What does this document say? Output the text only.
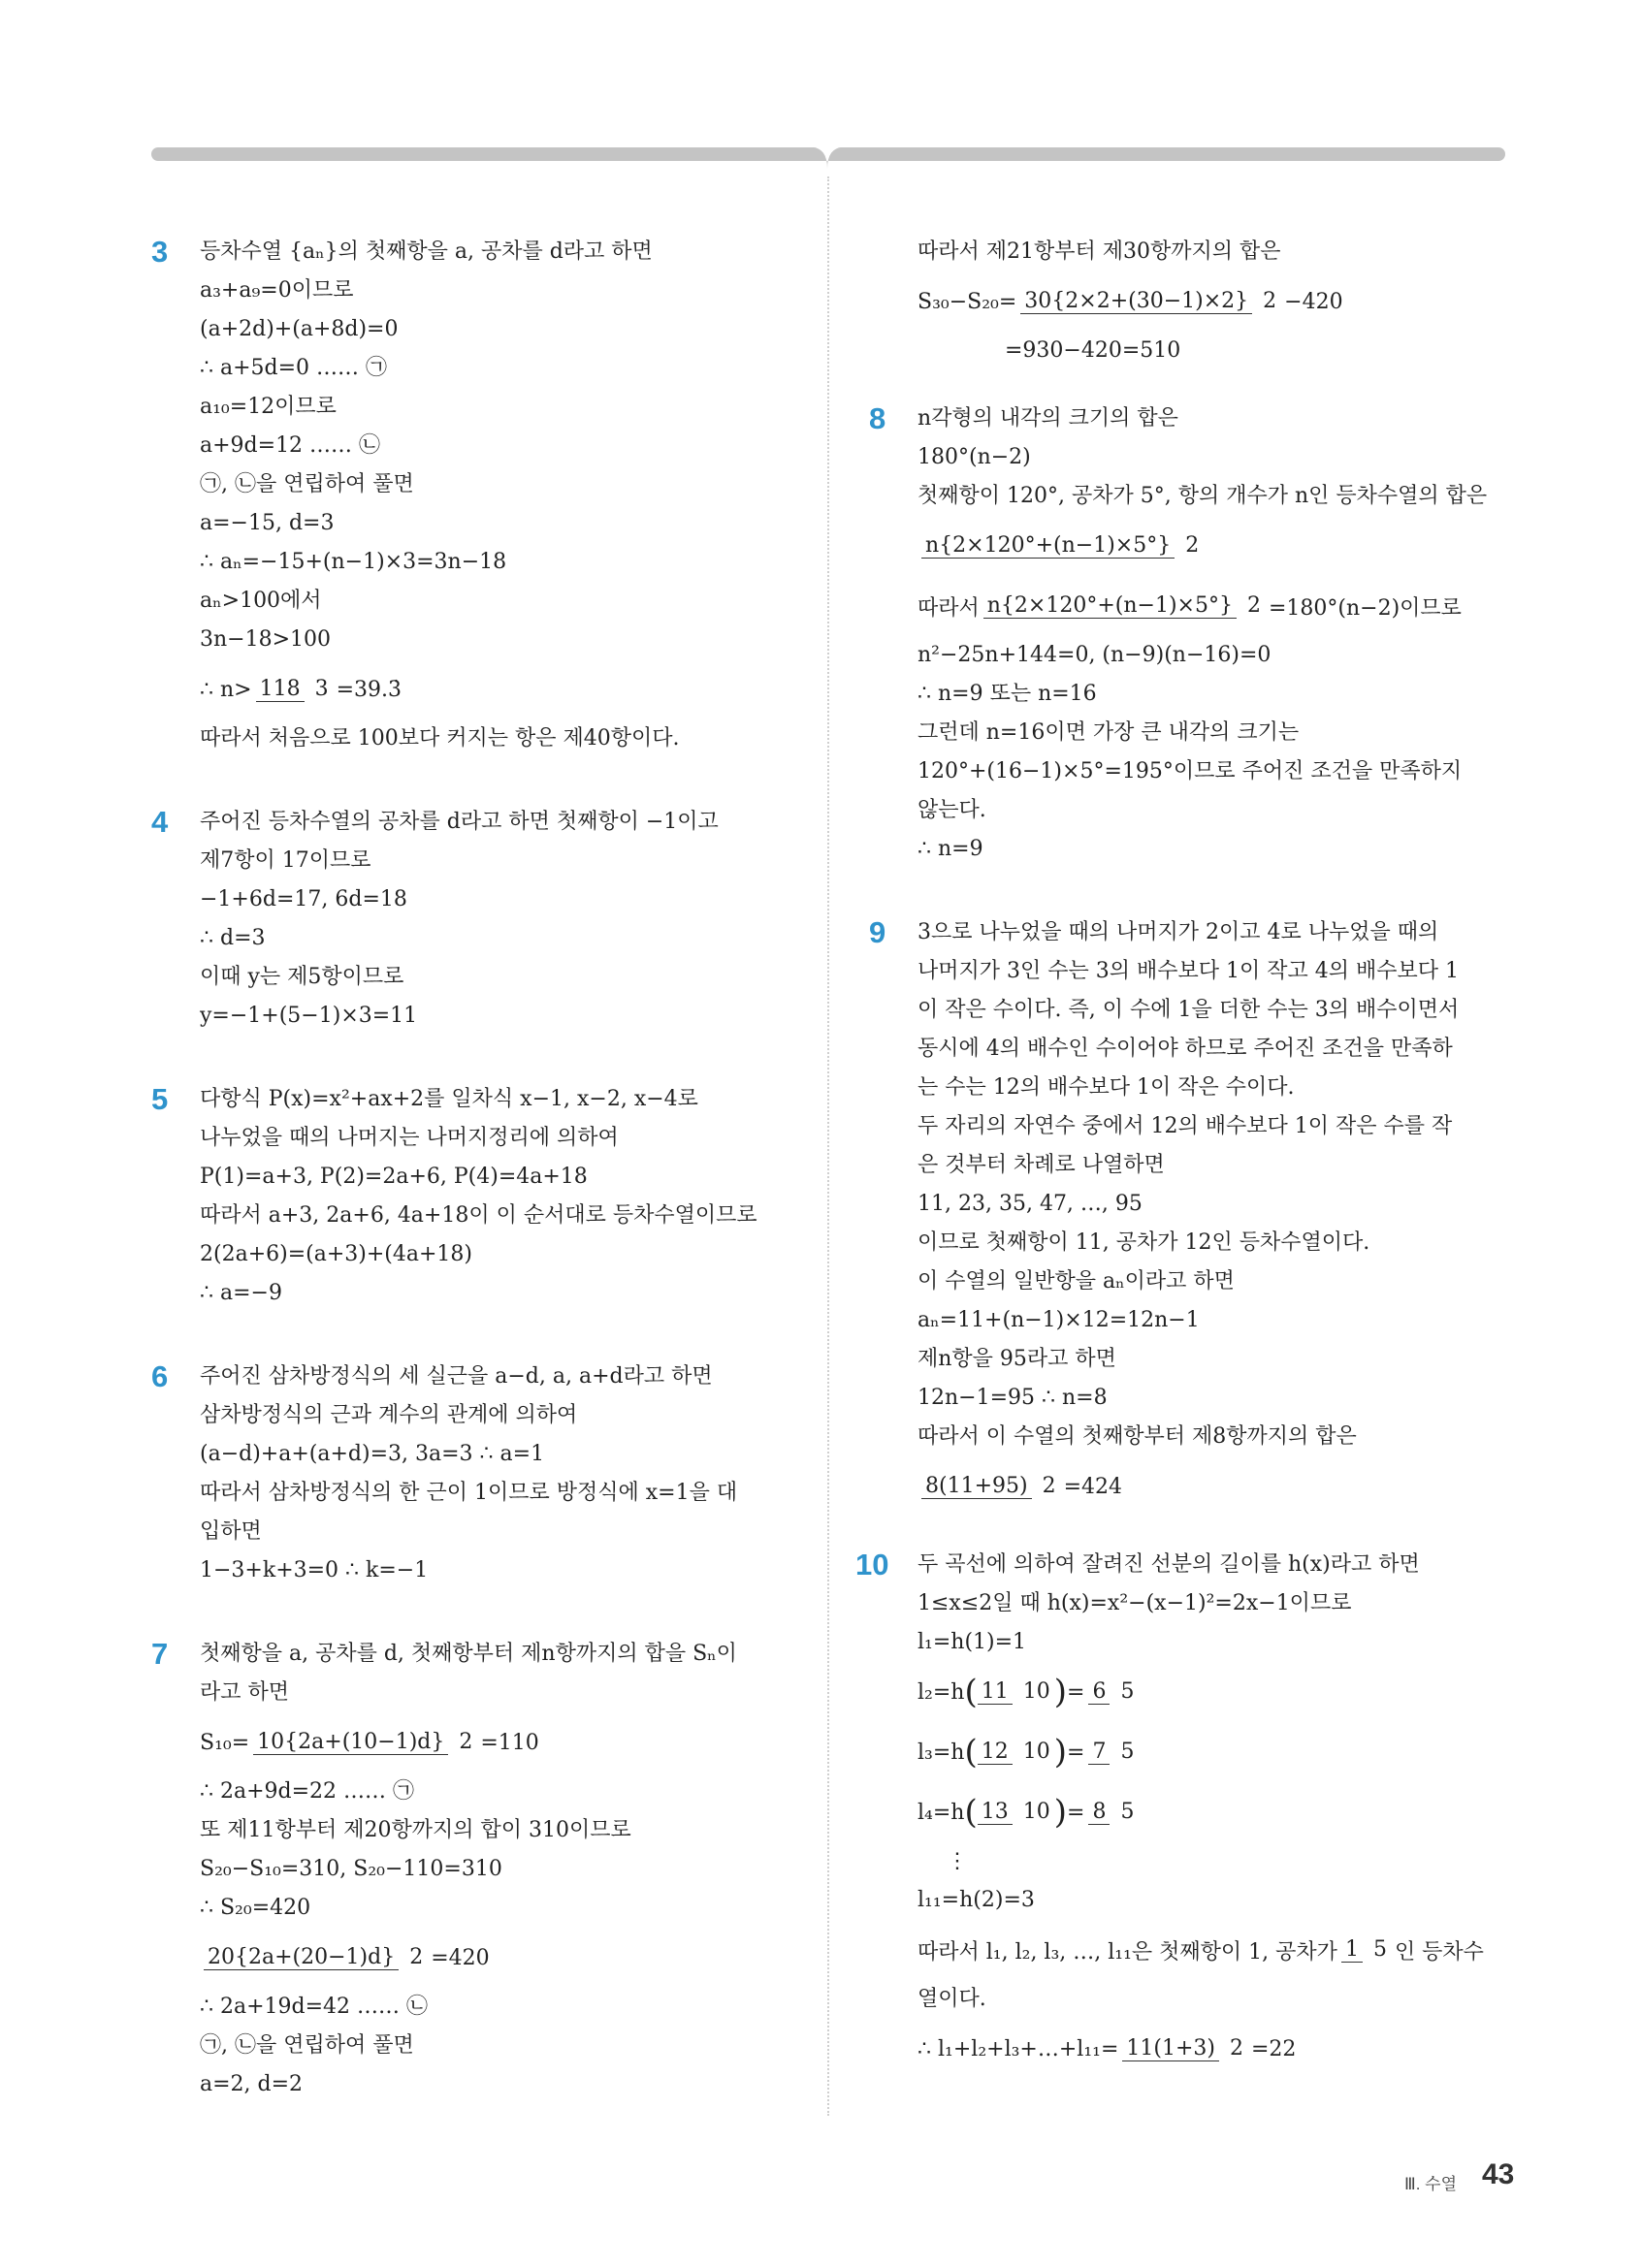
3	등차수열 {aₙ}의 첫째항을 a, 공차를 d라고 하면
a₃+a₉=0이므로
(a+2d)+(a+8d)=0
∴ a+5d=0 …… ㉠
a₁₀=12이므로
a+9d=12 …… ㉡
㉠, ㉡을 연립하여 풀면
a=−15, d=3
∴ aₙ=−15+(n−1)×3=3n−18
aₙ>100에서
3n−18>100
∴ n> 118 3 =39.3̇
따라서 처음으로 100보다 커지는 항은 제40항이다.
4	주어진 등차수열의 공차를 d라고 하면 첫째항이 −1이고
제7항이 17이므로
−1+6d=17, 6d=18
∴ d=3
이때 y는 제5항이므로
y=−1+(5−1)×3=11
5	다항식 P(x)=x²+ax+2를 일차식 x−1, x−2, x−4로
나누었을 때의 나머지는 나머지정리에 의하여
P(1)=a+3, P(2)=2a+6, P(4)=4a+18
따라서 a+3, 2a+6, 4a+18이 이 순서대로 등차수열이므로
2(2a+6)=(a+3)+(4a+18)
∴ a=−9
6	주어진 삼차방정식의 세 실근을 a−d, a, a+d라고 하면
삼차방정식의 근과 계수의 관계에 의하여
(a−d)+a+(a+d)=3, 3a=3 ∴ a=1
따라서 삼차방정식의 한 근이 1이므로 방정식에 x=1을 대
입하면
1−3+k+3=0 ∴ k=−1
7	첫째항을 a, 공차를 d, 첫째항부터 제n항까지의 합을 Sₙ이
라고 하면
S₁₀= 10{2a+(10−1)d} 2 =110
∴ 2a+9d=22 …… ㉠
또 제11항부터 제20항까지의 합이 310이므로
S₂₀−S₁₀=310, S₂₀−110=310
∴ S₂₀=420
20{2a+(20−1)d} 2 =420
∴ 2a+19d=42 …… ㉡
㉠, ㉡을 연립하여 풀면
a=2, d=2
따라서 제21항부터 제30항까지의 합은
S₃₀−S₂₀= 30{2×2+(30−1)×2} 2 −420
=930−420=510
8	n각형의 내각의 크기의 합은
180°(n−2)
첫째항이 120°, 공차가 5°, 항의 개수가 n인 등차수열의 합은
n{2×120°+(n−1)×5°} 2
따라서 n{2×120°+(n−1)×5°} 2 =180°(n−2)이므로
n²−25n+144=0, (n−9)(n−16)=0
∴ n=9 또는 n=16
그런데 n=16이면 가장 큰 내각의 크기는
120°+(16−1)×5°=195°이므로 주어진 조건을 만족하지
않는다.
∴ n=9
9	3으로 나누었을 때의 나머지가 2이고 4로 나누었을 때의
나머지가 3인 수는 3의 배수보다 1이 작고 4의 배수보다 1
이 작은 수이다. 즉, 이 수에 1을 더한 수는 3의 배수이면서
동시에 4의 배수인 수이어야 하므로 주어진 조건을 만족하
는 수는 12의 배수보다 1이 작은 수이다.
두 자리의 자연수 중에서 12의 배수보다 1이 작은 수를 작
은 것부터 차례로 나열하면
11, 23, 35, 47, …, 95
이므로 첫째항이 11, 공차가 12인 등차수열이다.
이 수열의 일반항을 aₙ이라고 하면
aₙ=11+(n−1)×12=12n−1
제n항을 95라고 하면
12n−1=95 ∴ n=8
따라서 이 수열의 첫째항부터 제8항까지의 합은
8(11+95) 2 =424
10	두 곡선에 의하여 잘려진 선분의 길이를 h(x)라고 하면
1≤x≤2일 때 h(x)=x²−(x−1)²=2x−1이므로
l₁=h(1)=1
l₂=h ( 11 10 ) = 6 5
l₃=h ( 12 10 ) = 7 5
l₄=h ( 13 10 ) = 8 5
⋮
l₁₁=h(2)=3
따라서 l₁, l₂, l₃, …, l₁₁은 첫째항이 1, 공차가 1 5 인 등차수
열이다.
∴ l₁+l₂+l₃+…+l₁₁= 11(1+3) 2 =22
Ⅲ. 수열 43
